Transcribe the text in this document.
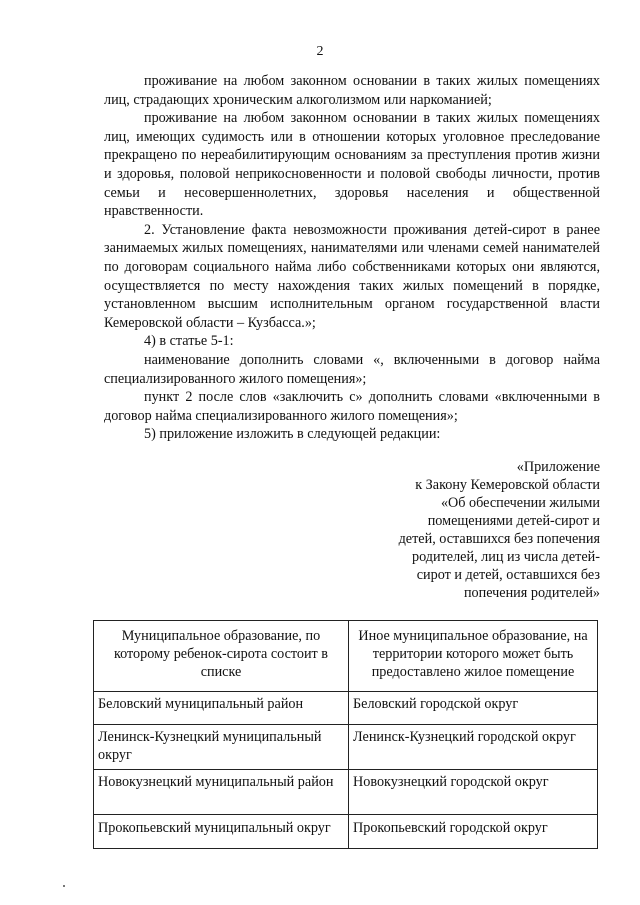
2

проживание на любом законном основании в таких жилых помещениях лиц, страдающих хроническим алкоголизмом или наркоманией;

проживание на любом законном основании в таких жилых помещениях лиц, имеющих судимость или в отношении которых уголовное преследование прекращено по нереабилитирующим основаниям за преступления против жизни и здоровья, половой неприкосновенности и половой свободы личности, против семьи и несовершеннолетних, здоровья населения и общественной нравственности.

2. Установление факта невозможности проживания детей-сирот в ранее занимаемых жилых помещениях, нанимателями или членами семей нанимателей по договорам социального найма либо собственниками которых они являются, осуществляется по месту нахождения таких жилых помещений в порядке, установленном высшим исполнительным органом государственной власти Кемеровской области – Кузбасса.»;

4) в статье 5-1:

наименование дополнить словами «, включенными в договор найма специализированного жилого помещения»;

пункт 2 после слов «заключить с» дополнить словами «включенными в договор найма специализированного жилого помещения»;

5) приложение изложить в следующей редакции:

«Приложение
к Закону Кемеровской области
«Об обеспечении жилыми
помещениями детей-сирот и
детей, оставшихся без попечения
родителей, лиц из числа детей-
сирот и детей, оставшихся без
попечения родителей»
Муниципальное образование, по которому ребенок-сирота состоит в списке	Иное муниципальное образование, на территории которого может быть предоставлено жилое помещение
Беловский муниципальный район	Беловский городской округ
Ленинск-Кузнецкий муниципальный округ	Ленинск-Кузнецкий городской округ
Новокузнецкий муниципальный район	Новокузнецкий городской округ
Прокопьевский муниципальный округ	Прокопьевский городской округ
